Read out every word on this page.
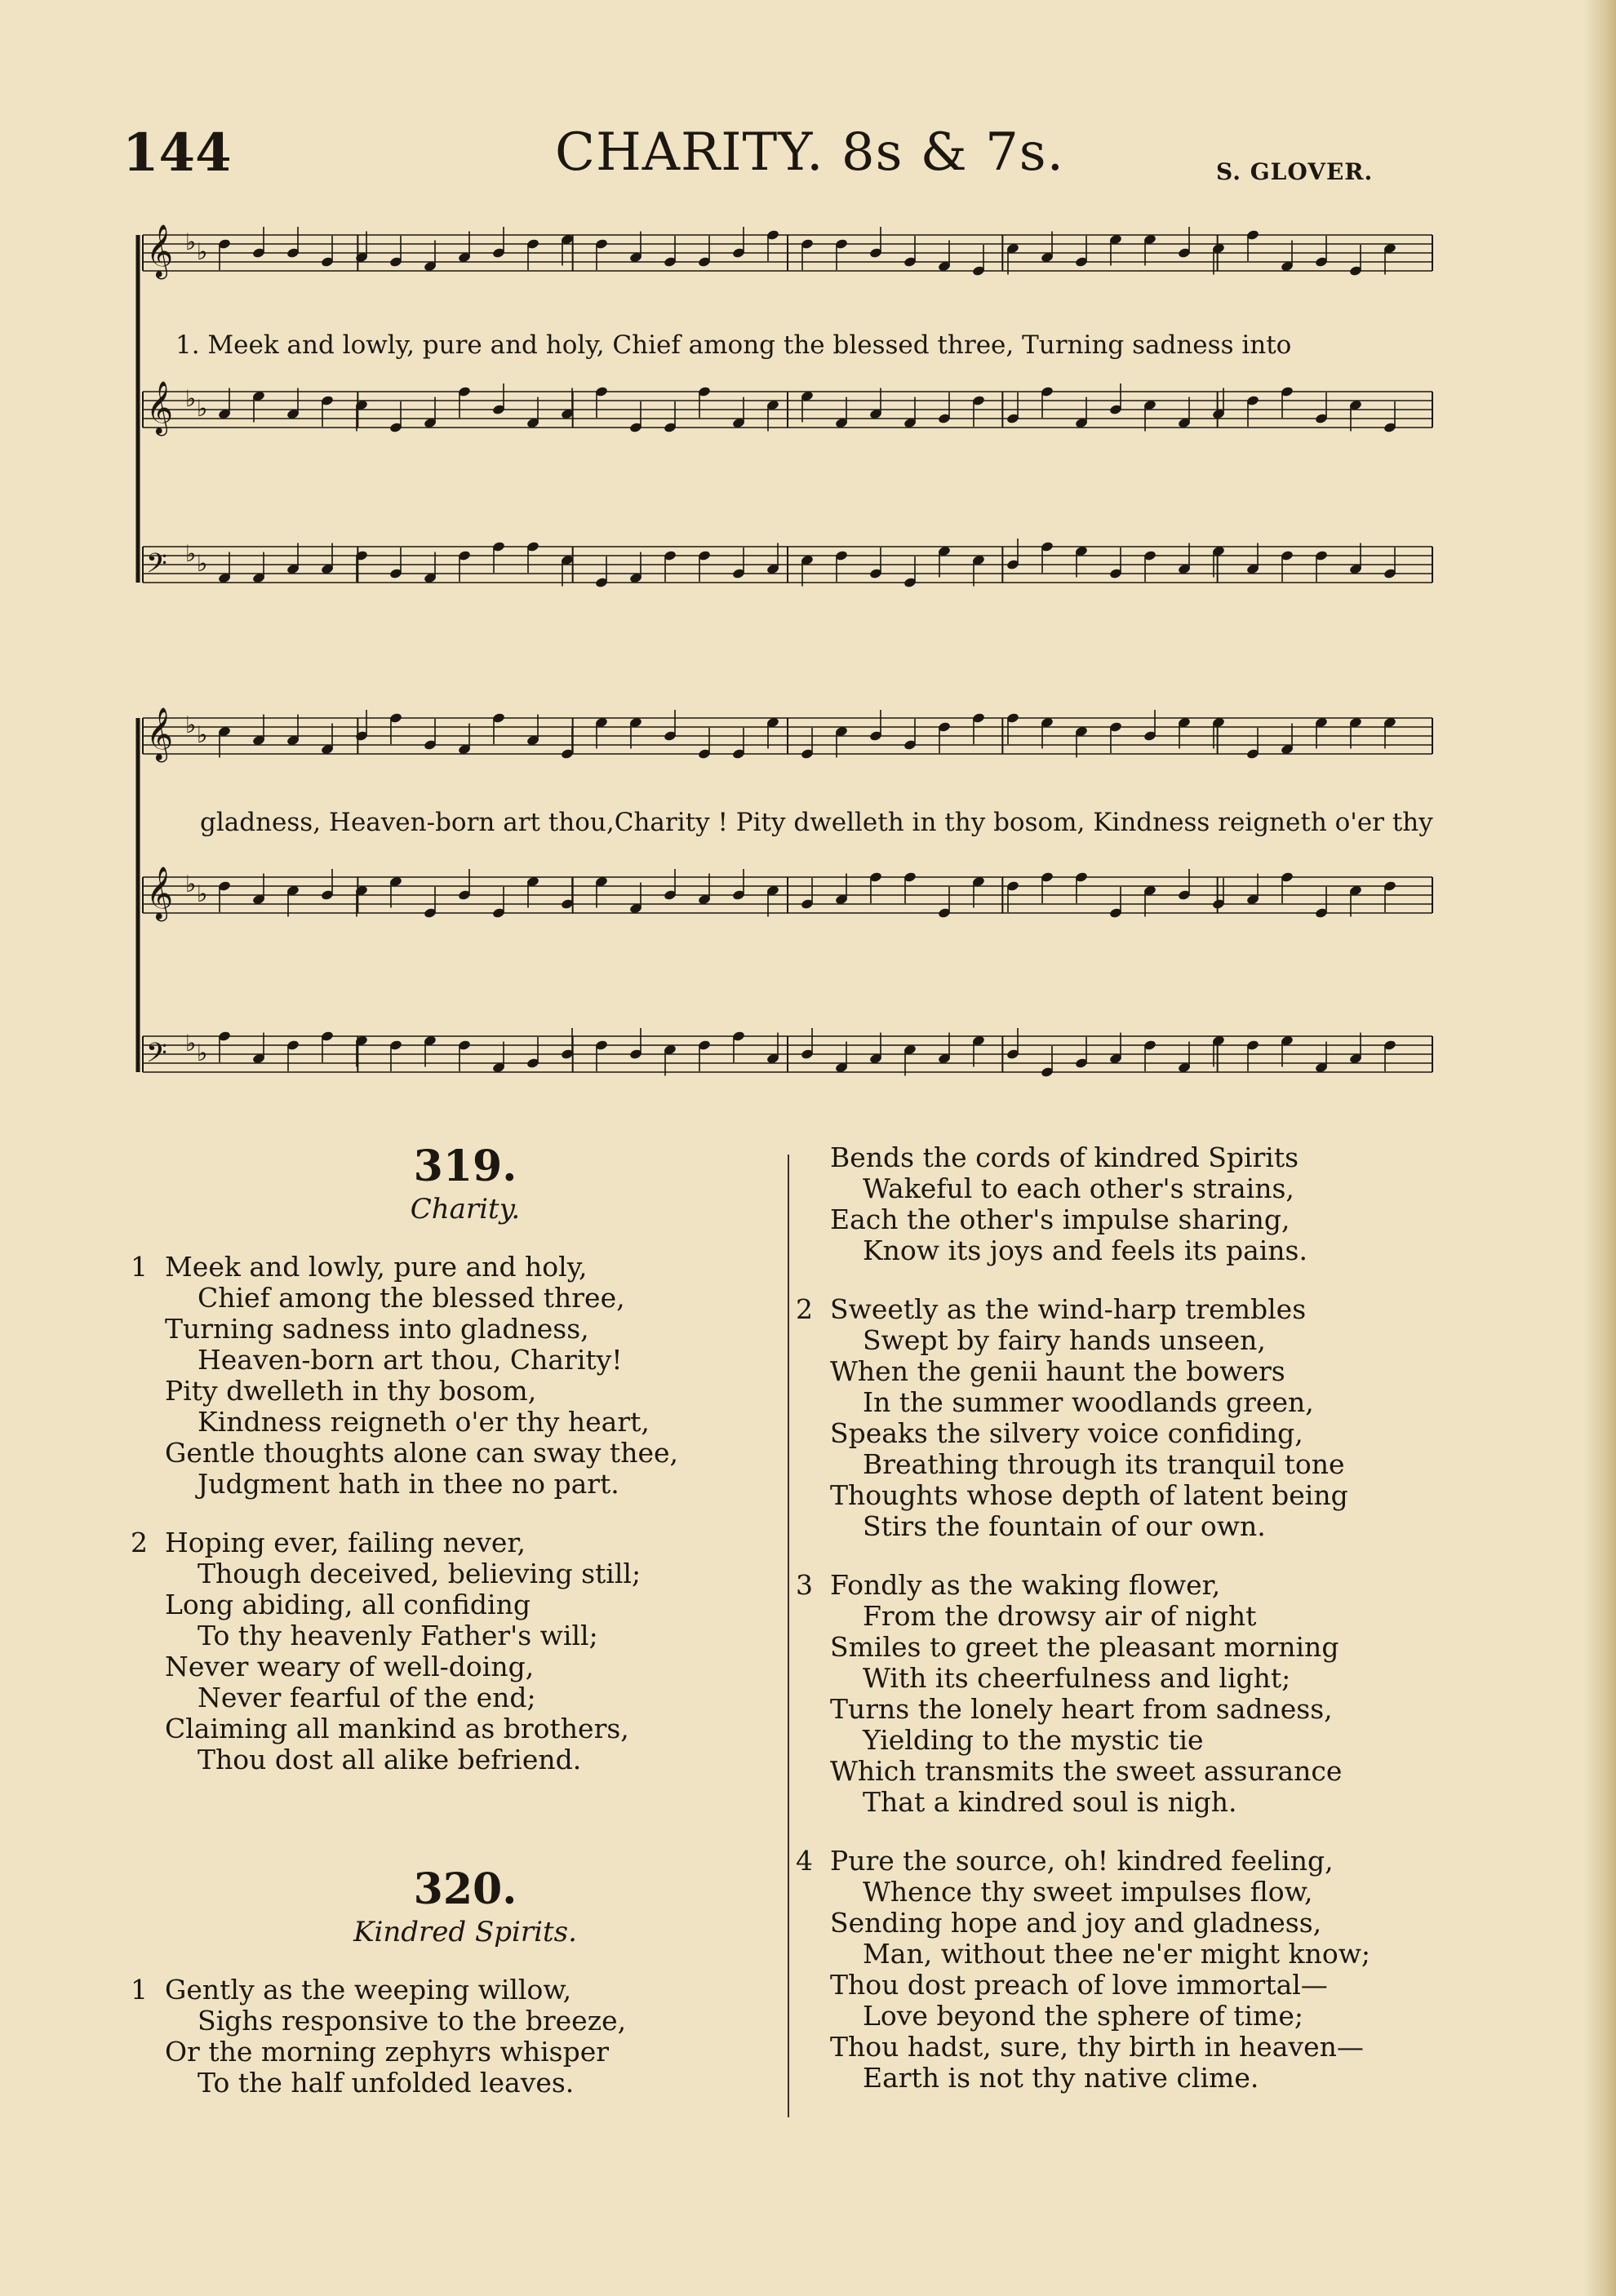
144	CHARITY. 8s & 7s.	S. GLOVER.
𝄞 ♭ ♭
𝄞 ♭ ♭
𝄢 ♭ ♭
1. Meek and lowly, pure and holy, Chief among the blessed three, Turning sadness into
𝄞 ♭ ♭
𝄞 ♭ ♭
𝄢 ♭ ♭
gladness, Heaven-born art thou,Charity ! Pity dwelleth in thy bosom, Kindness reigneth o'er thy
319.
Charity.
1 Meek and lowly, pure and holy,
Chief among the blessed three,
Turning sadness into gladness,
Heaven-born art thou, Charity!
Pity dwelleth in thy bosom,
Kindness reigneth o'er thy heart,
Gentle thoughts alone can sway thee,
Judgment hath in thee no part.
2 Hoping ever, failing never,
Though deceived, believing still;
Long abiding, all confiding
To thy heavenly Father's will;
Never weary of well-doing,
Never fearful of the end;
Claiming all mankind as brothers,
Thou dost all alike befriend.
320.
Kindred Spirits.
1 Gently as the weeping willow,
Sighs responsive to the breeze,
Or the morning zephyrs whisper
To the half unfolded leaves.
Bends the cords of kindred Spirits
Wakeful to each other's strains,
Each the other's impulse sharing,
Know its joys and feels its pains.
2 Sweetly as the wind-harp trembles
Swept by fairy hands unseen,
When the genii haunt the bowers
In the summer woodlands green,
Speaks the silvery voice confiding,
Breathing through its tranquil tone
Thoughts whose depth of latent being
Stirs the fountain of our own.
3 Fondly as the waking flower,
From the drowsy air of night
Smiles to greet the pleasant morning
With its cheerfulness and light;
Turns the lonely heart from sadness,
Yielding to the mystic tie
Which transmits the sweet assurance
That a kindred soul is nigh.
4 Pure the source, oh! kindred feeling,
Whence thy sweet impulses flow,
Sending hope and joy and gladness,
Man, without thee ne'er might know;
Thou dost preach of love immortal—
Love beyond the sphere of time;
Thou hadst, sure, thy birth in heaven—
Earth is not thy native clime.
